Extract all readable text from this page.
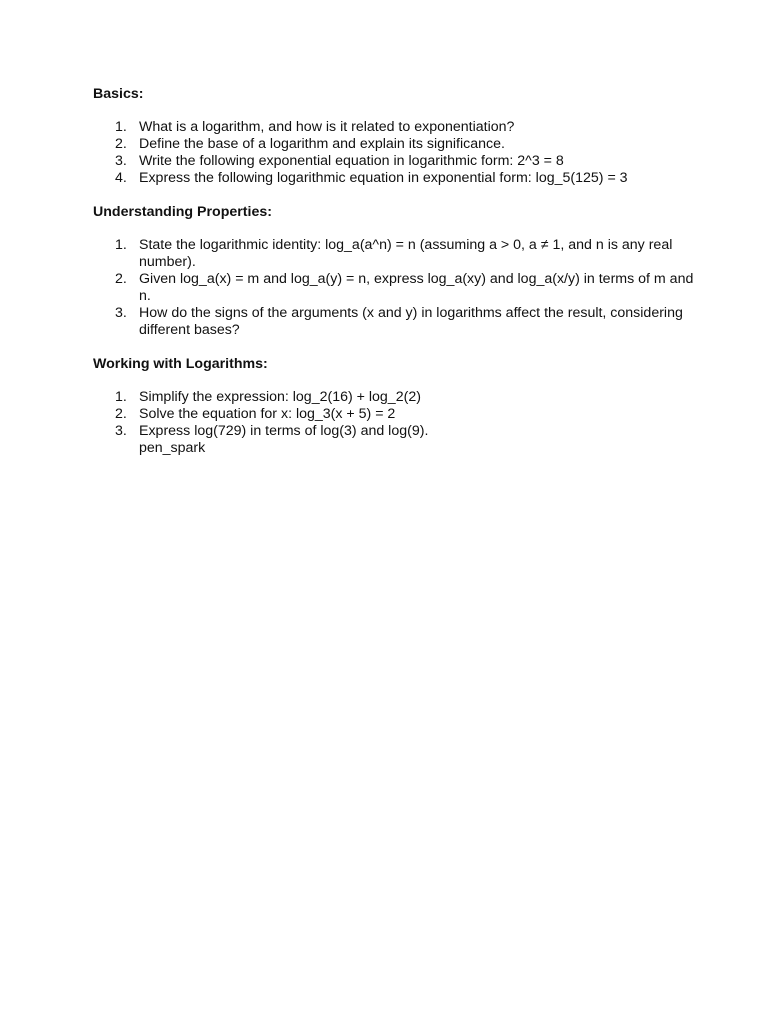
Basics:
1. What is a logarithm, and how is it related to exponentiation?
2. Define the base of a logarithm and explain its significance.
3. Write the following exponential equation in logarithmic form: 2^3 = 8
4. Express the following logarithmic equation in exponential form: log_5(125) = 3
Understanding Properties:
1. State the logarithmic identity: log_a(a^n) = n (assuming a > 0, a ≠ 1, and n is any real number).
2. Given log_a(x) = m and log_a(y) = n, express log_a(xy) and log_a(x/y) in terms of m and n.
3. How do the signs of the arguments (x and y) in logarithms affect the result, considering different bases?
Working with Logarithms:
1. Simplify the expression: log_2(16) + log_2(2)
2. Solve the equation for x: log_3(x + 5) = 2
3. Express log(729) in terms of log(3) and log(9).
pen_spark
